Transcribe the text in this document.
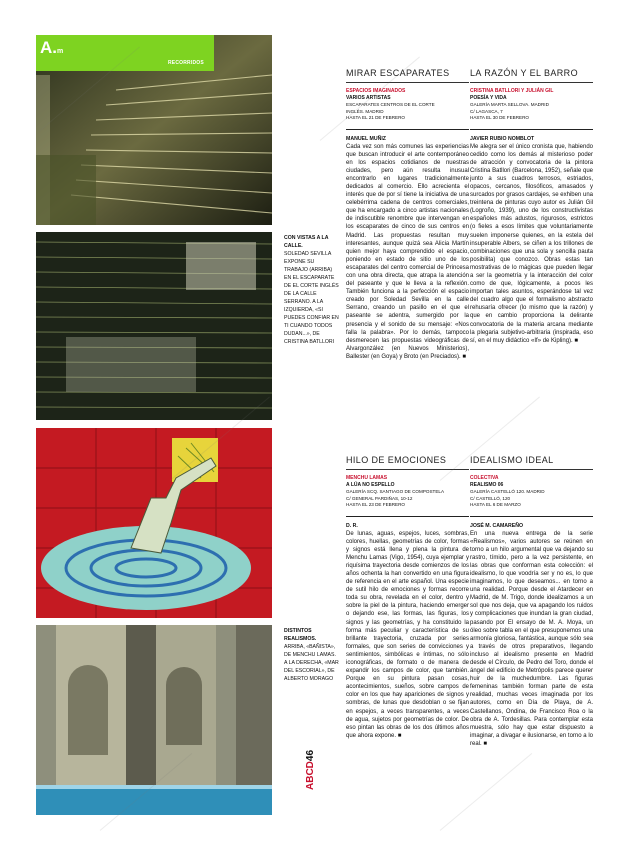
A.m
RECORRIDOS
CON VISTAS A LA CALLE.
SOLEDAD SEVILLA EXPONE SU TRABAJO (ARRIBA) EN EL ESCAPARATE DE EL CORTE INGLÉS DE LA CALLE SERRANO. A LA IZQUIERDA, «SI PUEDES CONFIAR EN TI CUANDO TODOS DUDAN...», DE CRISTINA BATLLORI
DISTINTOS REALISMOS.
ARRIBA, «BAÑISTA», DE MENCHU LAMAS. A LA DERECHA, «MAR DEL ESCORIAL», DE ALBERTO MORAGO
MIRAR ESCAPARATES
ESPACIOS IMAGINADOS
VARIOS ARTISTAS
ESCAPARATES CENTROS DE EL CORTE
INGLÉS. MADRID
HASTA EL 21 DE FEBRERO
MANUEL MUÑIZ
Cada vez son más comunes las experiencias que buscan introducir el arte contemporáneo en los espacios cotidianos de nuestras ciudades, pero aún resulta inusual encontrarlo en lugares tradicionalmente dedicados al comercio. Ello acrecienta el interés que de por sí tiene la iniciativa de una celebérrima cadena de centros comerciales, que ha encargado a cinco artistas nacionales de indiscutible renombre que intervengan en los escaparates de cinco de sus centros en Madrid. Las propuestas resultan muy interesantes, aunque quizá sea Alicia Martín quien mejor haya comprendido el espacio, poniendo en estado de sitio uno de los escaparates del centro comercial de Princesa con una obra directa, que atrapa la atención del paseante y que le lleva a la reflexión. También funciona a la perfección el espacio creado por Soledad Sevilla en la calle Serrano, creando un pasillo en el que el paseante se adentra, sumergido por la presencia y el sonido de su mensaje: «Nos falla la palabra». Por lo demás, tampoco desmerecen las propuestas videográficas de Alvargonzález (en Nuevos Ministerios), Ballester (en Goya) y Broto (en Preciados). ■
LA RAZÓN Y EL BARRO
CRISTINA BATLLORI Y JULIÁN GIL
POESÍA Y VIDA
GALERÍA MARTA SELLOVA. MADRID
C/ LAGASCA, 7
HASTA EL 30 DE FEBRERO
JAVIER RUBIO NOMBLOT
Me alegra ser el único cronista que, habiendo cedido como los demás al misterioso poder de atracción y convocatoria de la pintora Cristina Batllori (Barcelona, 1952), señale que junto a sus cuadros terrosos, estriados, opacos, cercanos, filosóficos, amasados y surcados por grasos cardajes, se exhiben una treintena de pinturas cuyo autor es Julián Gil (Logroño, 1939), uno de los constructivistas españoles más adustos, rigurosos, estrictos (o fieles a esos límites que voluntariamente suelen imponerse quienes, en la estela del insuperable Albers, se ciñen a los trillones de combinaciones que una sola y sencilla pauta posibilita) que conozco. Obras estas tan mostrativas de lo mágicas que pueden llegar a ser la geometría y la interacción del color como de que, lógicamente, a pocos les importan tales asuntos, esperándose tal vez del cuadro algo que el formalismo abstracto rehusaría ofrecer (lo mismo que la razón) y que en cambio proporciona la delirante convocatoria de la materia arcana mediante la plegaria subjetivo-arbitraria (inspirada, eso sí, en el muy didáctico «If» de Kipling). ■
HILO DE EMOCIONES
MENCHU LAMAS
A LÚA NO ESPELLO
GALERÍA SCQ. SANTIAGO DE COMPOSTELA
C/ GENERAL PARDIÑAS, 10-12
HASTA EL 23 DE FEBRERO
D. R.
De lunas, aguas, espejos, luces, sombras, colores, huellas, geometrías de color, formas y signos está llena y plena la pintura de Menchu Lamas (Vigo, 1954), cuya ejemplar y riquísima trayectoria desde comienzos de los años ochenta la han convertido en una figura de referencia en el arte español. Una especie de sutil hilo de emociones y formas recorre toda su obra, revelada en el color, dentro y sobre la piel de la pintura, haciendo emerger o dejando ese, las formas, las figuras, los signos y las geometrías, y ha constituido la forma más peculiar y característica de su brillante trayectoria, cruzada por series formales, que son series de convicciones y sentimientos, simbólicas e íntimas, no sólo iconográficas, de formato o de manera de expandir los campos de color, que también. Porque en su pintura pasan cosas, acontecimientos, sueños, sobre campos de color en los que hay apariciones de signos y sombras, de lunas que desdoblan o se fijan en espejos, a veces transparentes, a veces de agua, sujetos por geometrías de color. De eso pintan las obras de los dos últimos años que ahora expone. ■
IDEALISMO IDEAL
COLECTIVA
REALISMO 06
GALERÍA CASTELLÓ 120. MADRID
C/ CASTELLÓ, 120
HASTA EL 6 DE MARZO
JOSÉ M. CAMAREÑO
En una nueva entrega de la serie «Realismos», varios autores se reúnen en torno a un hilo argumental que va dejando su rastro, tímido, pero a la vez persistente, en las obras que conforman esta colección: el idealismo, lo que voodría ser y no es, lo que imaginamos, lo que deseamos... en torno a una realidad. Porque desde el Atardecer en Madrid, de M. Trigo, donde idealizamos a un sol que nos deja, que va apagando los ruidos y complicaciones que inundan la gran ciudad, pasando por El ensayo de M. A. Moya, un óleo sobre tabla en el que presuponemos una armonía gloriosa, fantástica, aunque sólo sea a través de otros preparativos, llegando incluso al idealismo presente en Madrid desde el Círculo, de Pedro del Toro, donde el ángel del edificio de Metrópolis parece querer huir de la muchedumbre. Las figuras femeninas también forman parte de esta realidad, muchas veces imaginada por los autores, como en Día de Playa, de A. Castellanos, Ondina, de Francisco Roa o la obra de A. Tordesillas. Para contemplar esta muestra, sólo hay que estar dispuesto a imaginar, a divagar e ilusionarse, en torno a lo real. ■
ABCD46
